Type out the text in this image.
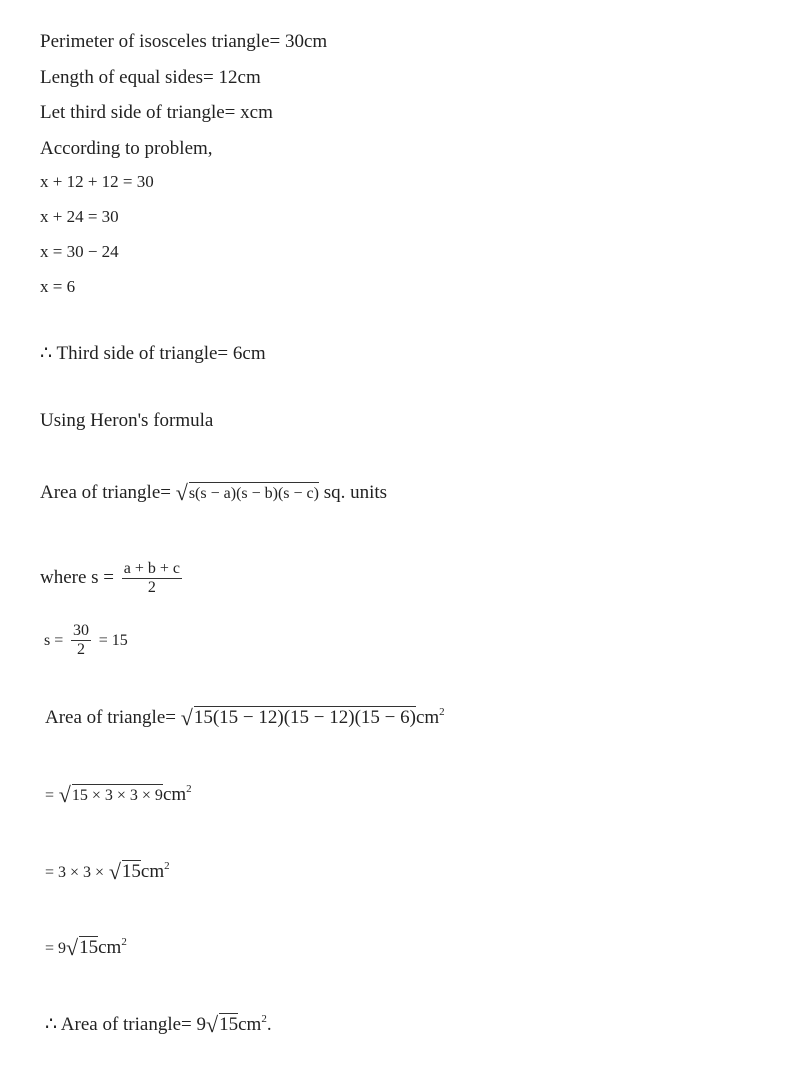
Perimeter of isosceles triangle= 30cm
Length of equal sides= 12cm
Let third side of triangle= xcm
According to problem,
x + 12 + 12 = 30
x + 24 = 30
x = 30 − 24
x = 6
∴ Third side of triangle= 6cm
Using Heron's formula
Area of triangle= √s(s − a)(s − b)(s − c) sq. units
where $s = \frac{a + b + c}{2}$
$s = \frac{30}{2} = 15$
Area of triangle= $√15(15 - 12)(15 - 12)(15 - 6)cm^2$
= $√15 \times 3 \times 3 \times 9cm^2$
= $3 \times 3 \times √15cm^2$
= $9√15cm^2$
∴ Area of triangle= $9√15cm^2$.
